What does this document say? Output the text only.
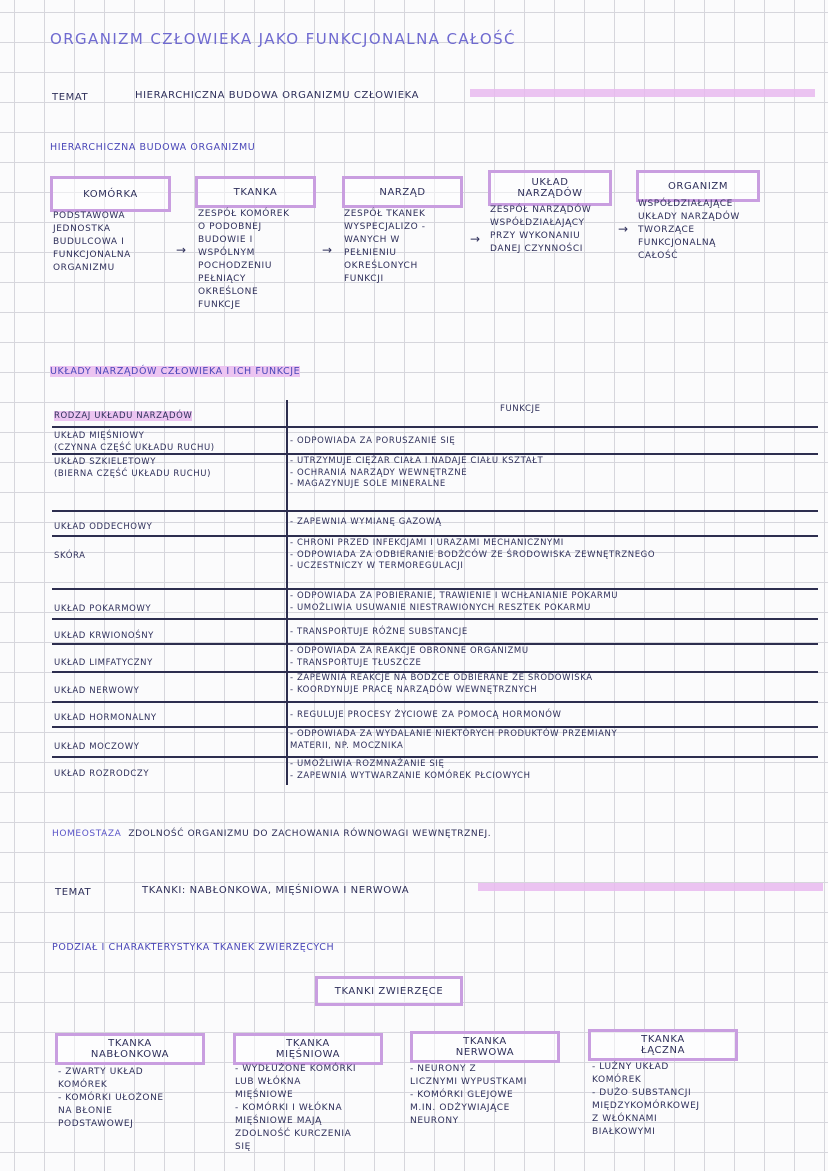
ORGANIZM CZŁOWIEKA JAKO FUNKCJONALNA CAŁOŚĆ
TEMAT	HIERARCHICZNA BUDOWA ORGANIZMU CZŁOWIEKA
HIERARCHICZNA BUDOWA ORGANIZMU
KOMÓRKA	TKANKA	NARZĄD
UKŁAD
NARZĄDÓW
ORGANIZM
PODSTAWOWA
JEDNOSTKA
BUDULCOWA I
FUNKCJONALNA
ORGANIZMU
→
ZESPÓŁ KOMÓREK
O PODOBNEJ
BUDOWIE I
WSPÓLNYM
POCHODZENIU
PEŁNIĄCY
OKREŚLONE
FUNKCJE
→
ZESPÓŁ TKANEK
WYSPECJALIZO -
WANYCH W
PEŁNIENIU
OKREŚLONYCH
FUNKCJI
→
ZESPÓŁ NARZĄDÓW
WSPÓŁDZIAŁAJĄCY
PRZY WYKONANIU
DANEJ CZYNNOŚCI
→
WSPÓŁDZIAŁAJĄCE
UKŁADY NARZĄDÓW
TWORZĄCE
FUNKCJONALNĄ
CAŁOŚĆ
UKŁADY NARZĄDÓW CZŁOWIEKA I ICH FUNKCJE
RODZAJ UKŁADU NARZĄDÓW
FUNKCJE
UKŁAD MIĘŚNIOWY
(CZYNNA CZĘŚĆ UKŁADU RUCHU)
- ODPOWIADA ZA PORUSZANIE SIĘ
UKŁAD SZKIELETOWY
(BIERNA CZĘŚĆ UKŁADU RUCHU)
- UTRZYMUJE CIĘŻAR CIAŁA I NADAJE CIAŁU KSZTAŁT
- OCHRANIA NARZĄDY WEWNĘTRZNE
- MAGAZYNUJE SOLE MINERALNE
UKŁAD ODDECHOWY	- ZAPEWNIA WYMIANĘ GAZOWĄ
SKÓRA
- CHRONI PRZED INFEKCJAMI I URAZAMI MECHANICZNYMI
- ODPOWIADA ZA ODBIERANIE BODŹCÓW ZE ŚRODOWISKA ZEWNĘTRZNEGO
- UCZESTNICZY W TERMOREGULACJI
UKŁAD POKARMOWY
- ODPOWIADA ZA POBIERANIE, TRAWIENIE I WCHŁANIANIE POKARMU
- UMOŻLIWIA USUWANIE NIESTRAWIONYCH RESZTEK POKARMU
UKŁAD KRWIONOŚNY	- TRANSPORTUJE RÓŻNE SUBSTANCJE
UKŁAD LIMFATYCZNY
- ODPOWIADA ZA REAKCJE OBRONNE ORGANIZMU
- TRANSPORTUJE TŁUSZCZE
UKŁAD NERWOWY
- ZAPEWNIA REAKCJE NA BODŹCE ODBIERANE ZE ŚRODOWISKA
- KOORDYNUJE PRACĘ NARZĄDÓW WEWNĘTRZNYCH
UKŁAD HORMONALNY	- REGULUJE PROCESY ŻYCIOWE ZA POMOCĄ HORMONÓW
UKŁAD MOCZOWY
- ODPOWIADA ZA WYDALANIE NIEKTÓRYCH PRODUKTÓW PRZEMIANY
MATERII, NP. MOCZNIKA
UKŁAD ROZRODCZY
- UMOŻLIWIA ROZMNAŻANIE SIĘ
- ZAPEWNIA WYTWARZANIE KOMÓREK PŁCIOWYCH
HOMEOSTAZA ZDOLNOŚĆ ORGANIZMU DO ZACHOWANIA RÓWNOWAGI WEWNĘTRZNEJ.
TEMAT	TKANKI: NABŁONKOWA, MIĘŚNIOWA I NERWOWA
PODZIAŁ I CHARAKTERYSTYKA TKANEK ZWIERZĘCYCH
TKANKI ZWIERZĘCE
TKANKA
NABŁONKOWA
TKANKA
MIĘŚNIOWA
TKANKA
NERWOWA
TKANKA
ŁĄCZNA
- ZWARTY UKŁAD
KOMÓREK
- KOMÓRKI UŁOŻONE
NA BŁONIE
PODSTAWOWEJ
- WYDŁUŻONE KOMÓRKI
LUB WŁÓKNA
MIĘŚNIOWE
- KOMÓRKI I WŁÓKNA
MIĘŚNIOWE MAJĄ
ZDOLNOŚĆ KURCZENIA
SIĘ
- NEURONY Z
LICZNYMI WYPUSTKAMI
- KOMÓRKI GLEJOWE
M.IN. ODŻYWIAJĄCE
NEURONY
- LUŹNY UKŁAD
KOMÓREK
- DUŻO SUBSTANCJI
MIĘDZYKOMÓRKOWEJ
Z WŁÓKNAMI
BIAŁKOWYMI
